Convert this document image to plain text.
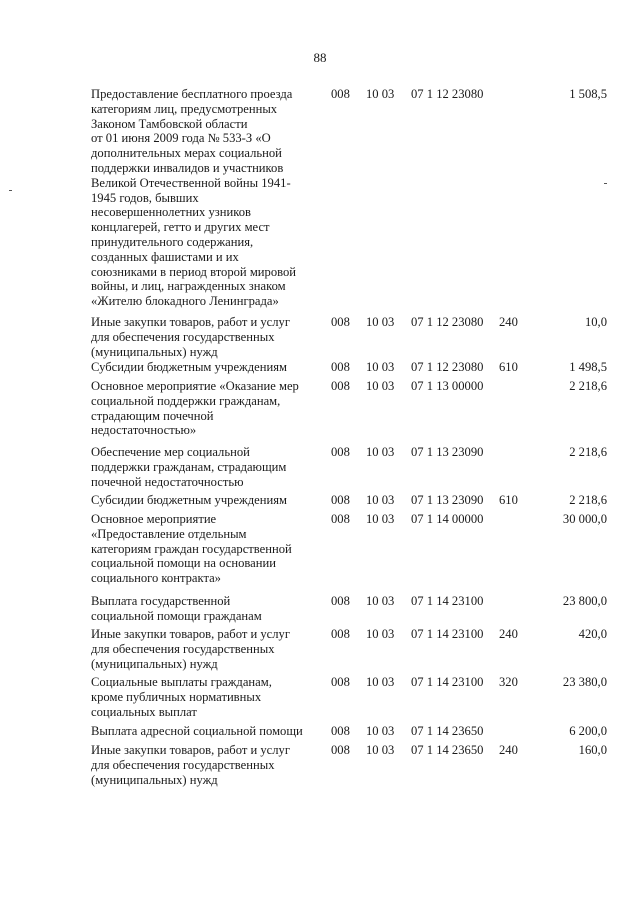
88
Предоставление бесплатного проезда
категориям лиц, предусмотренных
Законом Тамбовской области
от 01 июня 2009 года № 533-З «О
дополнительных мерах социальной
поддержки инвалидов и участников
Великой Отечественной войны 1941-
1945 годов, бывших
несовершеннолетних узников
концлагерей, гетто и других мест
принудительного содержания,
созданных фашистами и их
союзниками в период второй мировой
войны, и лиц, награжденных знаком
«Жителю блокадного Ленинграда»
008 10 03 07 1 12 23080	1 508,5
Иные закупки товаров, работ и услуг
для обеспечения государственных
(муниципальных) нужд
008 10 03 07 1 12 23080 240	10,0
Субсидии бюджетным учреждениям	008 10 03 07 1 12 23080 610	1 498,5
Основное мероприятие «Оказание мер
социальной поддержки гражданам,
страдающим почечной
недостаточностью»
008 10 03 07 1 13 00000	2 218,6
Обеспечение мер социальной
поддержки гражданам, страдающим
почечной недостаточностью
008 10 03 07 1 13 23090	2 218,6
Субсидии бюджетным учреждениям	008 10 03 07 1 13 23090 610	2 218,6
Основное мероприятие
«Предоставление отдельным
категориям граждан государственной
социальной помощи на основании
социального контракта»
008 10 03 07 1 14 00000	30 000,0
Выплата государственной
социальной помощи гражданам
008 10 03 07 1 14 23100	23 800,0
Иные закупки товаров, работ и услуг
для обеспечения государственных
(муниципальных) нужд
008 10 03 07 1 14 23100 240	420,0
Социальные выплаты гражданам,
кроме публичных нормативных
социальных выплат
008 10 03 07 1 14 23100 320	23 380,0
Выплата адресной социальной помощи	008 10 03 07 1 14 23650	6 200,0
Иные закупки товаров, работ и услуг
для обеспечения государственных
(муниципальных) нужд
008 10 03 07 1 14 23650 240	160,0
